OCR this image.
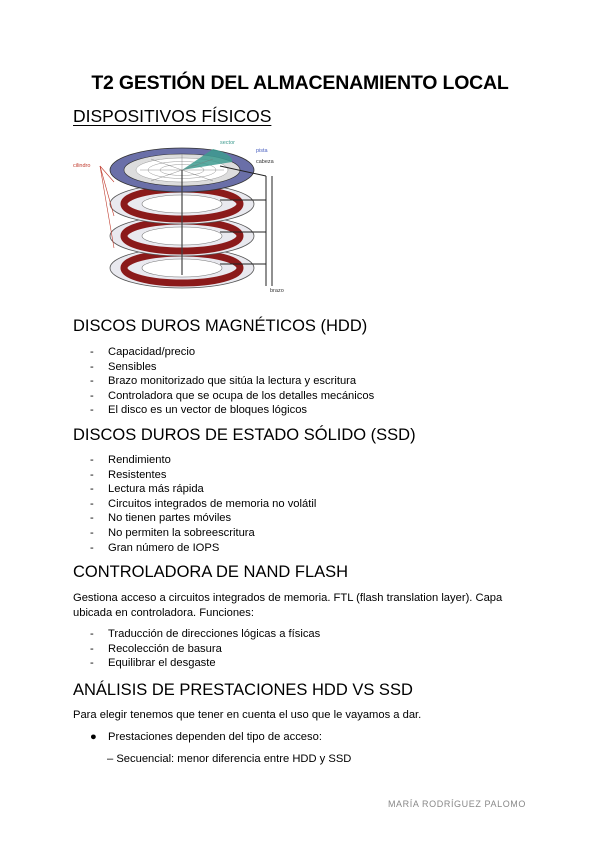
T2 GESTIÓN DEL ALMACENAMIENTO LOCAL
DISPOSITIVOS FÍSICOS
sector
pista
cabeza
cilindro
brazo
DISCOS DUROS MAGNÉTICOS (HDD)
- Capacidad/precio
- Sensibles
- Brazo monitorizado que sitúa la lectura y escritura
- Controladora que se ocupa de los detalles mecánicos
- El disco es un vector de bloques lógicos
DISCOS DUROS DE ESTADO SÓLIDO (SSD)
- Rendimiento
- Resistentes
- Lectura más rápida
- Circuitos integrados de memoria no volátil
- No tienen partes móviles
- No permiten la sobreescritura
- Gran número de IOPS
CONTROLADORA DE NAND FLASH
Gestiona acceso a circuitos integrados de memoria. FTL (flash translation layer). Capa
ubicada en controladora. Funciones:
- Traducción de direcciones lógicas a físicas
- Recolección de basura
- Equilibrar el desgaste
ANÁLISIS DE PRESTACIONES HDD VS SSD
Para elegir tenemos que tener en cuenta el uso que le vayamos a dar.
● Prestaciones dependen del tipo de acceso:
– Secuencial: menor diferencia entre HDD y SSD
MARÍA RODRÍGUEZ PALOMO
